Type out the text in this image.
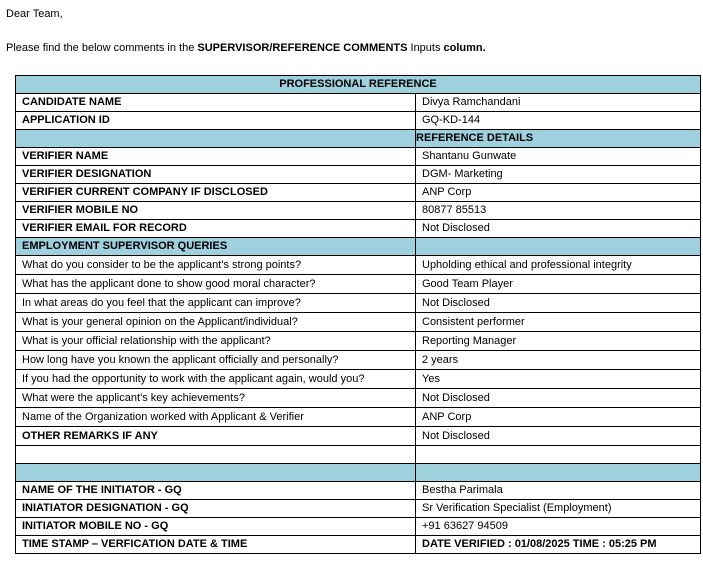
Dear Team,
Please find the below comments in the SUPERVISOR/REFERENCE COMMENTS Inputs column.
PROFESSIONAL REFERENCE	
CANDIDATE NAME	Divya Ramchandani
APPLICATION ID	GQ-KD-144
	REFERENCE DETAILS
VERIFIER NAME	Shantanu Gunwate
VERIFIER DESIGNATION	DGM- Marketing
VERIFIER CURRENT COMPANY IF DISCLOSED	ANP Corp
VERIFIER MOBILE NO	80877 85513
VERIFIER EMAIL FOR RECORD	Not Disclosed
EMPLOYMENT SUPERVISOR QUERIES	
What do you consider to be the applicant's strong points?	Upholding ethical and professional integrity
What has the applicant done to show good moral character?	Good Team Player
In what areas do you feel that the applicant can improve?	Not Disclosed
What is your general opinion on the Applicant/individual?	Consistent performer
What is your official relationship with the applicant?	Reporting Manager
How long have you known the applicant officially and personally?	2 years
If you had the opportunity to work with the applicant again, would you?	Yes
What were the applicant’s key achievements?	Not Disclosed
Name of the Organization worked with Applicant & Verifier	ANP Corp
OTHER REMARKS IF ANY	Not Disclosed

NAME OF THE INITIATOR - GQ	Bestha Parimala
INIATIATOR DESIGNATION - GQ	Sr Verification Specialist (Employment)
INITIATOR MOBILE NO - GQ	+91 63627 94509
TIME STAMP – VERFICATION DATE & TIME	DATE VERIFIED : 01/08/2025 TIME : 05:25 PM
